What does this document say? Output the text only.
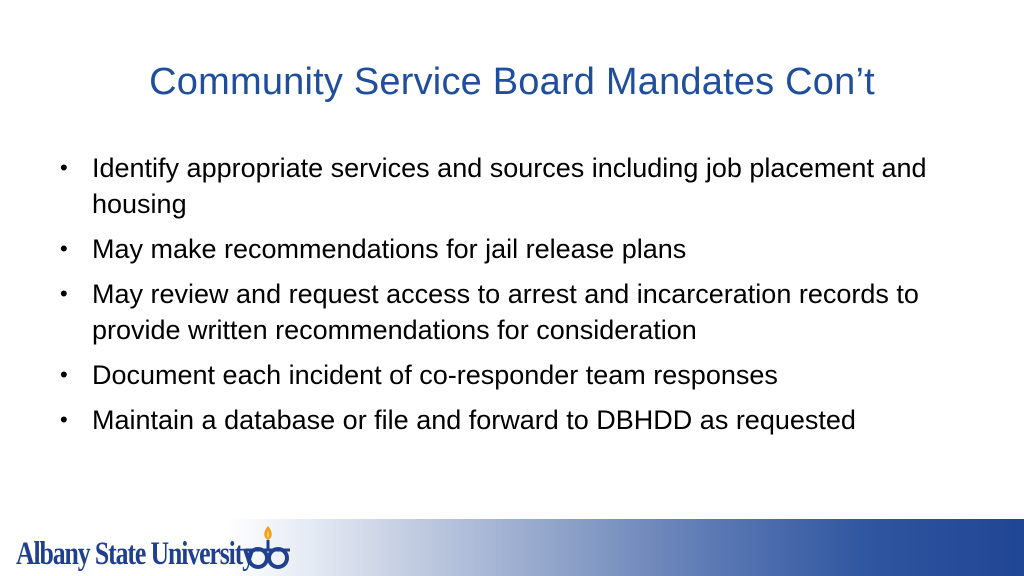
Community Service Board Mandates Con’t
• Identify appropriate services and sources including job placement and housing
• May make recommendations for jail release plans
• May review and request access to arrest and incarceration records to provide written recommendations for consideration
• Document each incident of co-responder team responses
• Maintain a database or file and forward to DBHDD as requested
Albany State University
